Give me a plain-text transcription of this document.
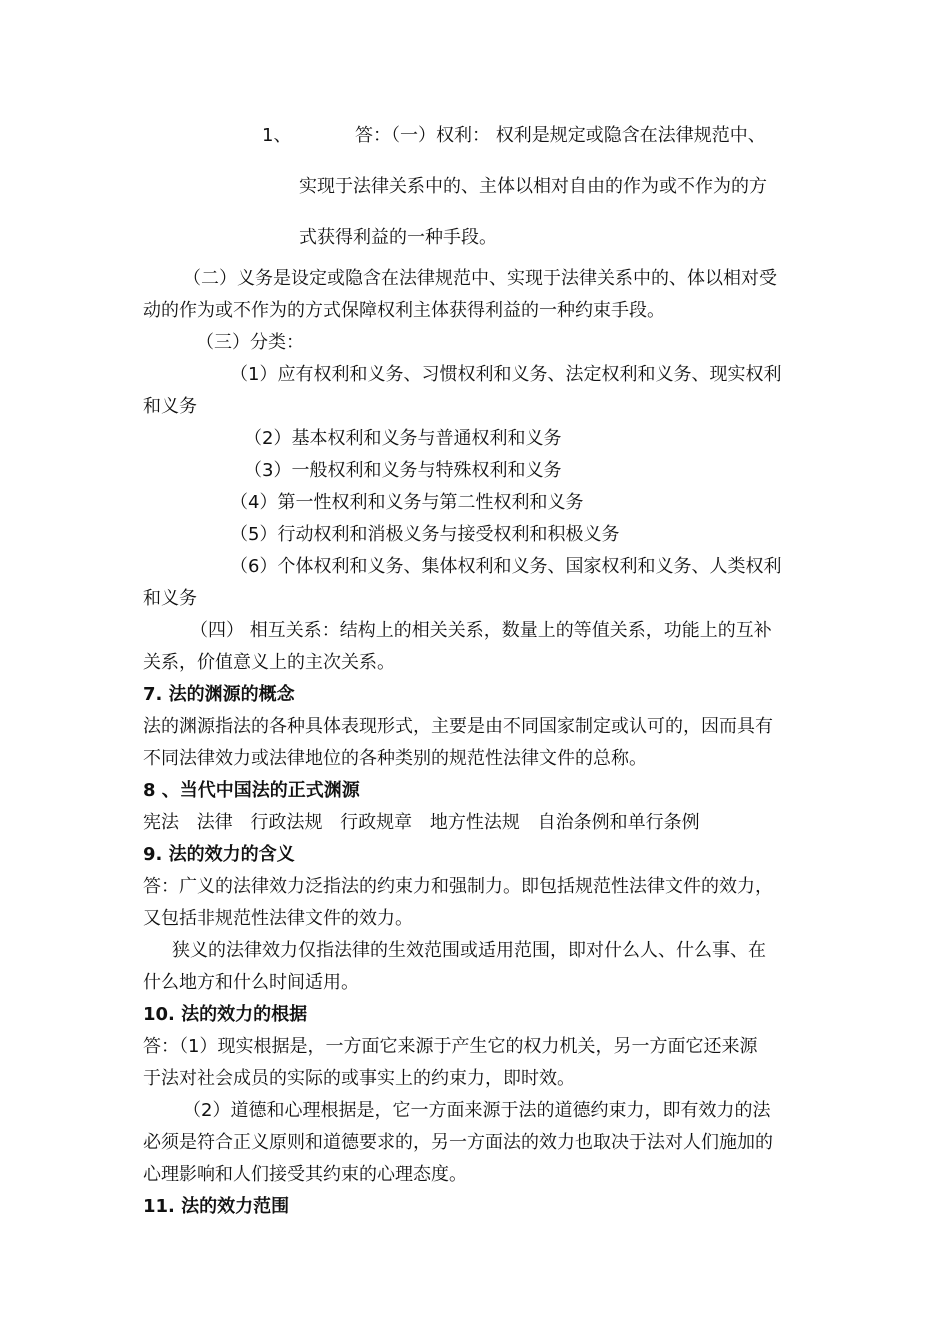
1、	答：（一）权利： 权利是规定或隐含在法律规范中、

实现于法律关系中的、主体以相对自由的作为或不作为的方

式获得利益的一种手段。

（二）义务是设定或隐含在法律规范中、实现于法律关系中的、体以相对受

动的作为或不作为的方式保障权利主体获得利益的一种约束手段。

（三）分类：

（1）应有权利和义务、习惯权利和义务、法定权利和义务、现实权利

和义务

（2）基本权利和义务与普通权利和义务

（3）一般权利和义务与特殊权利和义务

（4）第一性权利和义务与第二性权利和义务

（5）行动权利和消极义务与接受权利和积极义务

（6）个体权利和义务、集体权利和义务、国家权利和义务、人类权利

和义务

（四） 相互关系：结构上的相关关系，数量上的等值关系，功能上的互补

关系，价值意义上的主次关系。

7. 法的渊源的概念

法的渊源指法的各种具体表现形式，主要是由不同国家制定或认可的，因而具有

不同法律效力或法律地位的各种类别的规范性法律文件的总称。

8 、当代中国法的正式渊源

宪法 法律 行政法规 行政规章 地方性法规 自治条例和单行条例

9. 法的效力的含义

答：广义的法律效力泛指法的约束力和强制力。即包括规范性法律文件的效力，

又包括非规范性法律文件的效力。

狭义的法律效力仅指法律的生效范围或适用范围，即对什么人、什么事、在

什么地方和什么时间适用。

10. 法的效力的根据

答：（1）现实根据是，一方面它来源于产生它的权力机关，另一方面它还来源

于法对社会成员的实际的或事实上的约束力，即时效。

（2）道德和心理根据是，它一方面来源于法的道德约束力，即有效力的法

必须是符合正义原则和道德要求的，另一方面法的效力也取决于法对人们施加的

心理影响和人们接受其约束的心理态度。

11. 法的效力范围
